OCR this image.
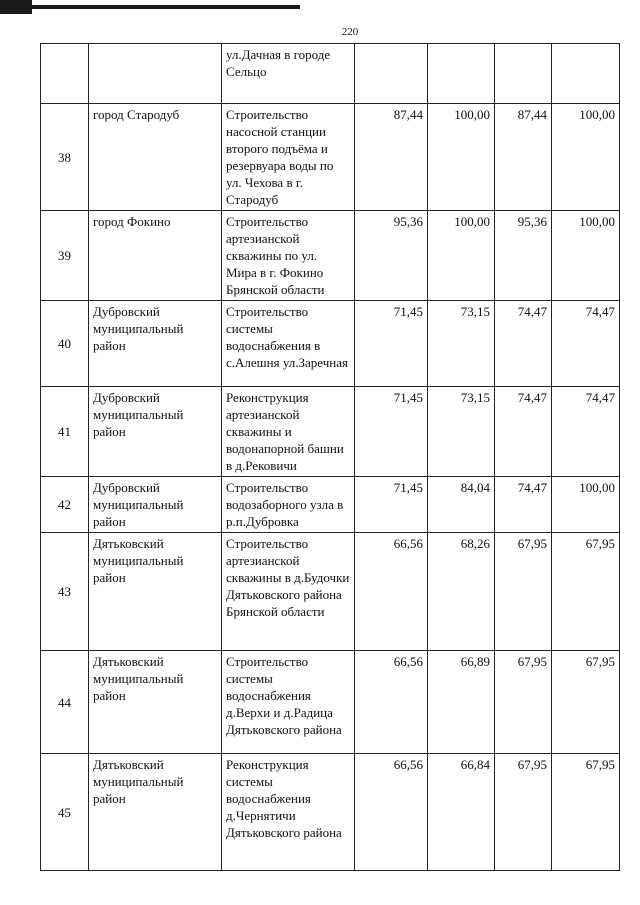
220
		ул.Дачная в городе Сельцо				
38	город Стародуб	Строительство насосной станции второго подъёма и резервуара воды по ул. Чехова в г. Стародуб	87,44	100,00	87,44	100,00
39	город Фокино	Строительство артезианской скважины по ул. Мира в г. Фокино Брянской области	95,36	100,00	95,36	100,00
40	Дубровский муниципальный район	Строительство системы водоснабжения в с.Алешня ул.Заречная	71,45	73,15	74,47	74,47
41	Дубровский муниципальный район	Реконструкция артезианской скважины и водонапорной башни в д.Рековичи	71,45	73,15	74,47	74,47
42	Дубровский муниципальный район	Строительство водозаборного узла в р.п.Дубровка	71,45	84,04	74,47	100,00
43	Дятьковский муниципальный район	Строительство артезианской скважины в д.Будочки Дятьковского района Брянской области	66,56	68,26	67,95	67,95
44	Дятьковский муниципальный район	Строительство системы водоснабжения д.Верхи и д.Радица Дятьковского района	66,56	66,89	67,95	67,95
45	Дятьковский муниципальный район	Реконструкция системы водоснабжения д.Чернятичи Дятьковского района	66,56	66,84	67,95	67,95
